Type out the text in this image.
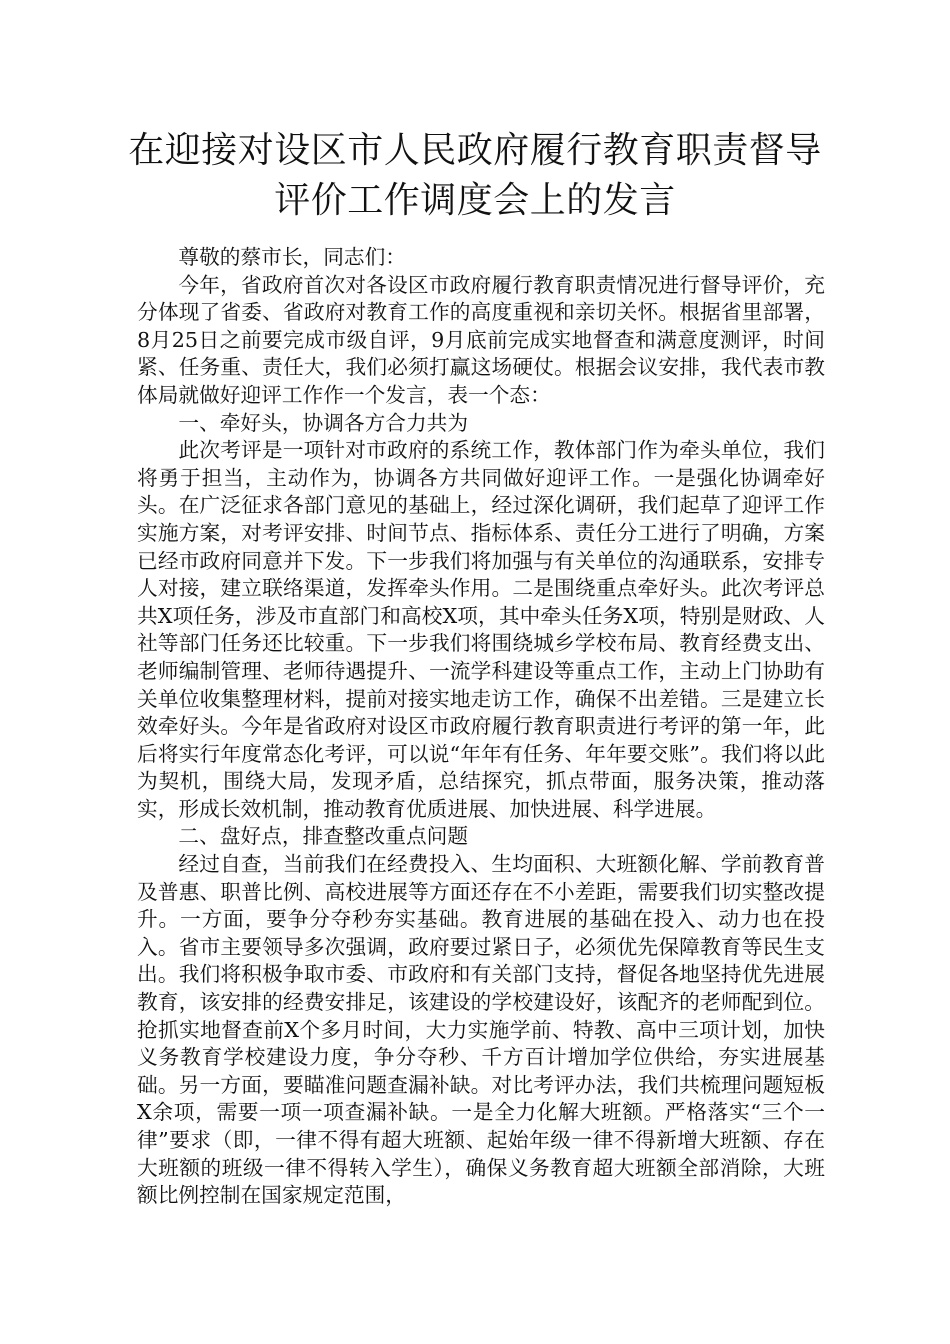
在迎接对设区市人民政府履行教育职责督导评价工作调度会上的发言

尊敬的蔡市长，同志们：

今年，省政府首次对各设区市政府履行教育职责情况进行督导评价，充分体现了省委、省政府对教育工作的高度重视和亲切关怀。根据省里部署，8月25日之前要完成市级自评，9月底前完成实地督查和满意度测评，时间紧、任务重、责任大，我们必须打赢这场硬仗。根据会议安排，我代表市教体局就做好迎评工作作一个发言，表一个态：

一、牵好头，协调各方合力共为

此次考评是一项针对市政府的系统工作，教体部门作为牵头单位，我们将勇于担当，主动作为，协调各方共同做好迎评工作。一是强化协调牵好头。在广泛征求各部门意见的基础上，经过深化调研，我们起草了迎评工作实施方案，对考评安排、时间节点、指标体系、责任分工进行了明确，方案已经市政府同意并下发。下一步我们将加强与有关单位的沟通联系，安排专人对接，建立联络渠道，发挥牵头作用。二是围绕重点牵好头。此次考评总共X项任务，涉及市直部门和高校X项，其中牵头任务X项，特别是财政、人社等部门任务还比较重。下一步我们将围绕城乡学校布局、教育经费支出、老师编制管理、老师待遇提升、一流学科建设等重点工作，主动上门协助有关单位收集整理材料，提前对接实地走访工作，确保不出差错。三是建立长效牵好头。今年是省政府对设区市政府履行教育职责进行考评的第一年，此后将实行年度常态化考评，可以说“年年有任务、年年要交账”。我们将以此为契机，围绕大局，发现矛盾，总结探究，抓点带面，服务决策，推动落实，形成长效机制，推动教育优质进展、加快进展、科学进展。

二、盘好点，排查整改重点问题

经过自查，当前我们在经费投入、生均面积、大班额化解、学前教育普及普惠、职普比例、高校进展等方面还存在不小差距，需要我们切实整改提升。一方面，要争分夺秒夯实基础。教育进展的基础在投入、动力也在投入。省市主要领导多次强调，政府要过紧日子，必须优先保障教育等民生支出。我们将积极争取市委、市政府和有关部门支持，督促各地坚持优先进展教育，该安排的经费安排足，该建设的学校建设好，该配齐的老师配到位。抢抓实地督查前X个多月时间，大力实施学前、特教、高中三项计划，加快义务教育学校建设力度，争分夺秒、千方百计增加学位供给，夯实进展基础。另一方面，要瞄准问题查漏补缺。对比考评办法，我们共梳理问题短板X余项，需要一项一项查漏补缺。一是全力化解大班额。严格落实“三个一律”要求（即，一律不得有超大班额、起始年级一律不得新增大班额、存在大班额的班级一律不得转入学生），确保义务教育超大班额全部消除，大班额比例控制在国家规定范围，
